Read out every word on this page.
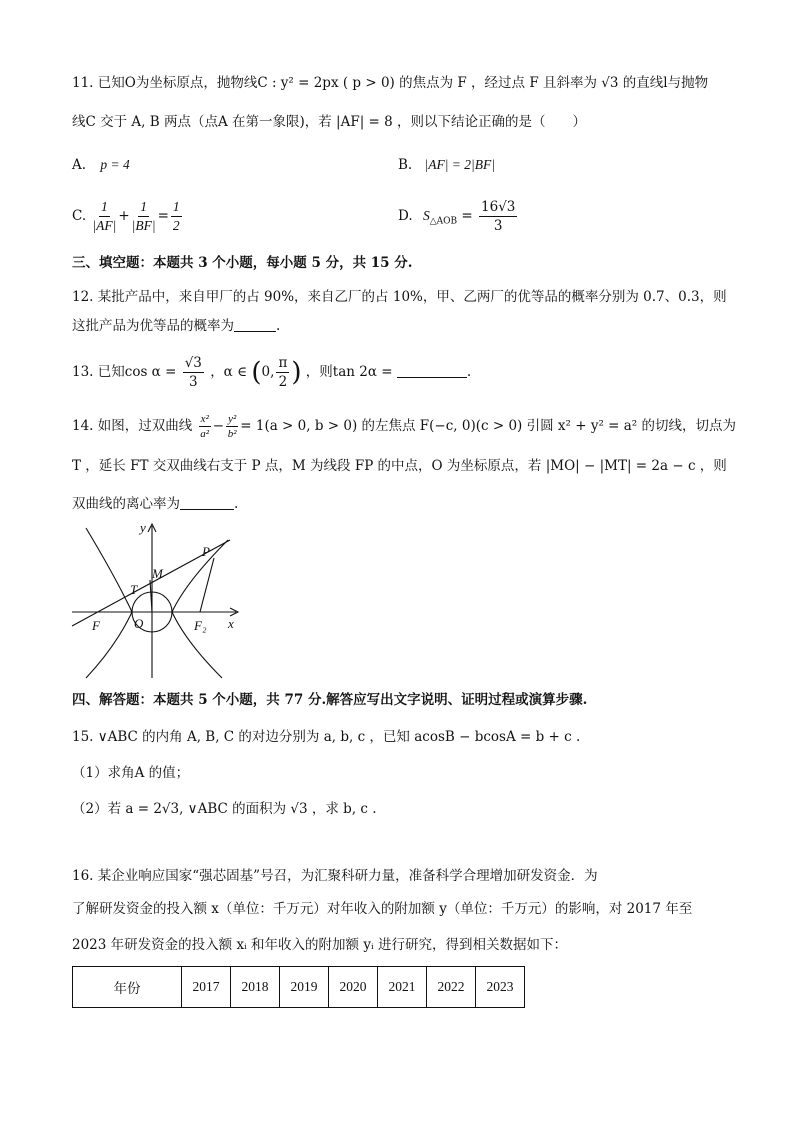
11. 已知O为坐标原点，抛物线C : y² = 2px ( p > 0) 的焦点为 F ，经过点 F 且斜率为 √3 的直线l与抛物
线C 交于 A, B 两点（点A 在第一象限)，若 |AF| = 8 ，则以下结论正确的是（　　）
A. p = 4	B. |AF| = 2|BF|
C. $\frac{1}{|AF|} + \frac{1}{|BF|} = \frac{1}{2}$	D. $S_{\triangle AOB} = \frac{16√3}{3}$
三、填空题：本题共 3 个小题，每小题 5 分，共 15 分.
12. 某批产品中，来自甲厂的占 90%，来自乙厂的占 10%，甲、乙两厂的优等品的概率分别为 0.7、0.3，则
这批产品为优等品的概率为	.
13. 已知$\cos \alpha = \frac{√3}{3}$ ，α ∈ (0, $\frac{\pi}{2}$ ) ，则tan 2α =	.
14. 如图，过双曲线 $\frac{\text{x²}}{\text{a²}} - \frac{\text{y²}}{\text{b²}} = 1(a > 0$, b > 0) 的左焦点 F(−c, 0)(c > 0) 引圆 x² + y² = a² 的切线，切点为
T ，延长 FT 交双曲线右支于 P 点，M 为线段 FP 的中点，O 为坐标原点，若 |MO| − |MT| = 2a − c ，则
双曲线的离心率为	.
y
x
P
M
T
F	O	F₂
四、解答题：本题共 5 个小题，共 77 分.解答应写出文字说明、证明过程或演算步骤.
15. ∨ABC 的内角 A, B, C 的对边分别为 a, b, c ，已知 acosB − bcosA = b + c .
（1）求角A 的值；
（2）若 a = 2√3, ∨ABC 的面积为 √3 ，求 b, c .
16. 某企业响应国家“强芯固基”号召，为汇聚科研力量，准备科学合理增加研发资金．为
了解研发资金的投入额 x（单位：千万元）对年收入的附加额 y（单位：千万元）的影响，对 2017 年至
2023 年研发资金的投入额 xᵢ 和年收入的附加额 yᵢ 进行研究，得到相关数据如下：
年份	2017	2018	2019	2020	2021	2022	2023
